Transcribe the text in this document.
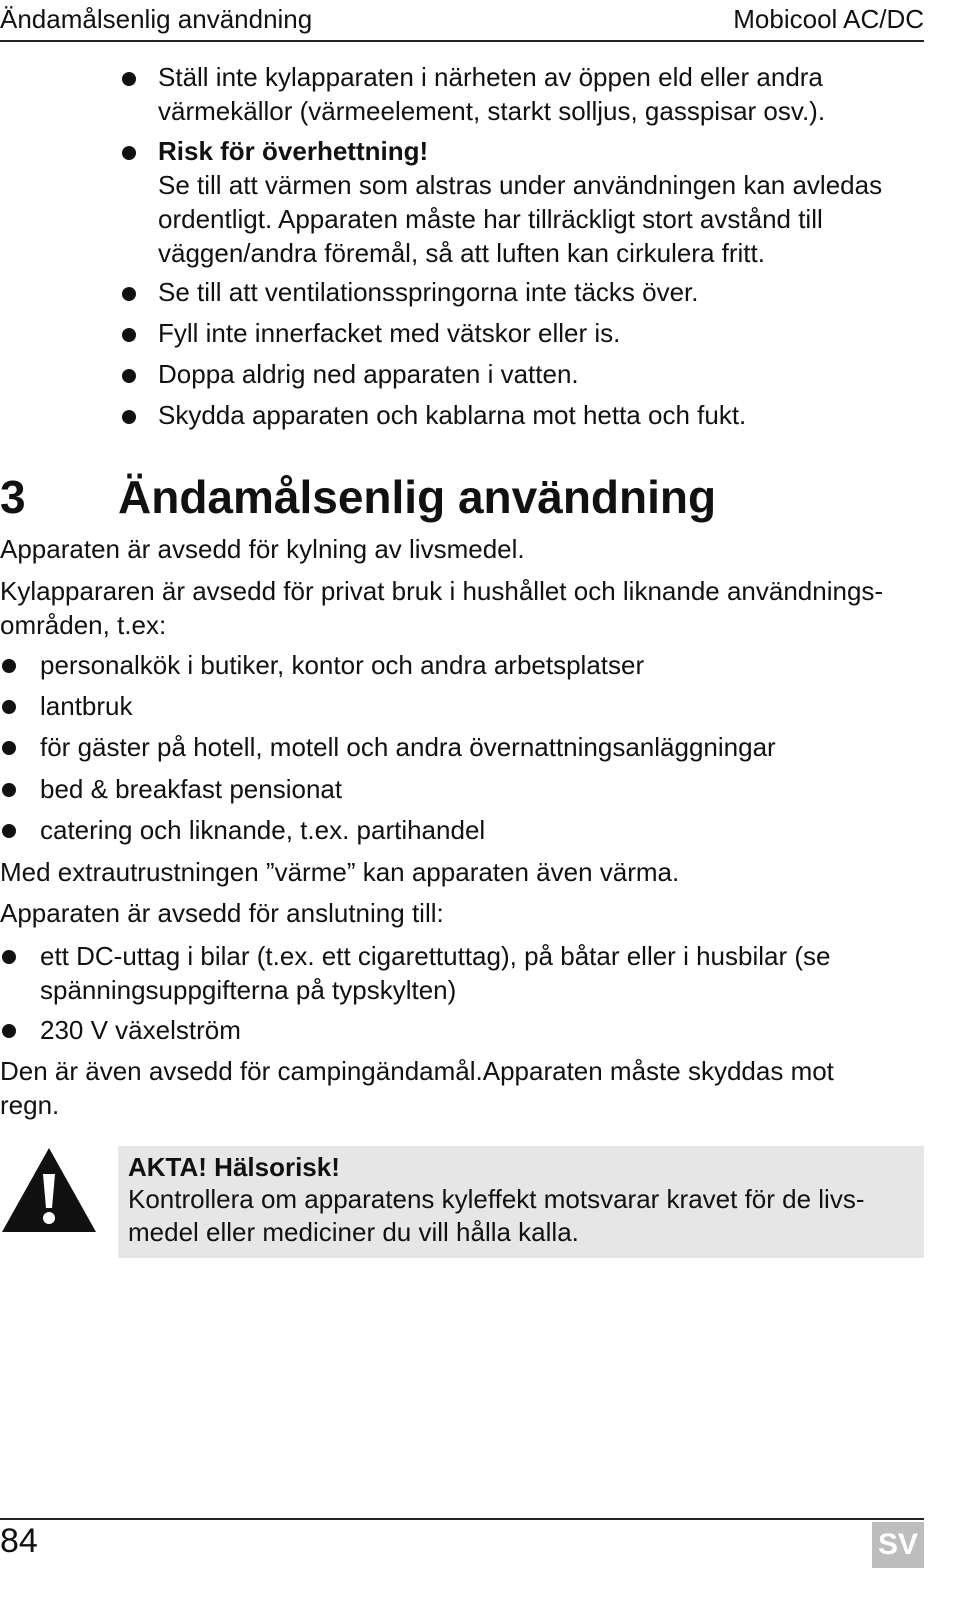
Ändamålsenlig användning	Mobicool AC/DC
Ställ inte kylapparaten i närheten av öppen eld eller andra
värmekällor (värmeelement, starkt solljus, gasspisar osv.).
Risk för överhettning!
Se till att värmen som alstras under användningen kan avledas
ordentligt. Apparaten måste har tillräckligt stort avstånd till
väggen/andra föremål, så att luften kan cirkulera fritt.
Se till att ventilationsspringorna inte täcks över.
Fyll inte innerfacket med vätskor eller is.
Doppa aldrig ned apparaten i vatten.
Skydda apparaten och kablarna mot hetta och fukt.
3 Ändamålsenlig användning
Apparaten är avsedd för kylning av livsmedel.
Kylappararen är avsedd för privat bruk i hushållet och liknande användnings-
områden, t.ex:
personalkök i butiker, kontor och andra arbetsplatser
lantbruk
för gäster på hotell, motell och andra övernattningsanläggningar
bed & breakfast pensionat
catering och liknande, t.ex. partihandel
Med extrautrustningen ”värme” kan apparaten även värma.
Apparaten är avsedd för anslutning till:
ett DC-uttag i bilar (t.ex. ett cigarettuttag), på båtar eller i husbilar (se
spänningsuppgifterna på typskylten)
230 V växelström
Den är även avsedd för campingändamål.Apparaten måste skyddas mot
regn.
AKTA! Hälsorisk!
Kontrollera om apparatens kyleffekt motsvarar kravet för de livs-
medel eller mediciner du vill hålla kalla.
84	SV
